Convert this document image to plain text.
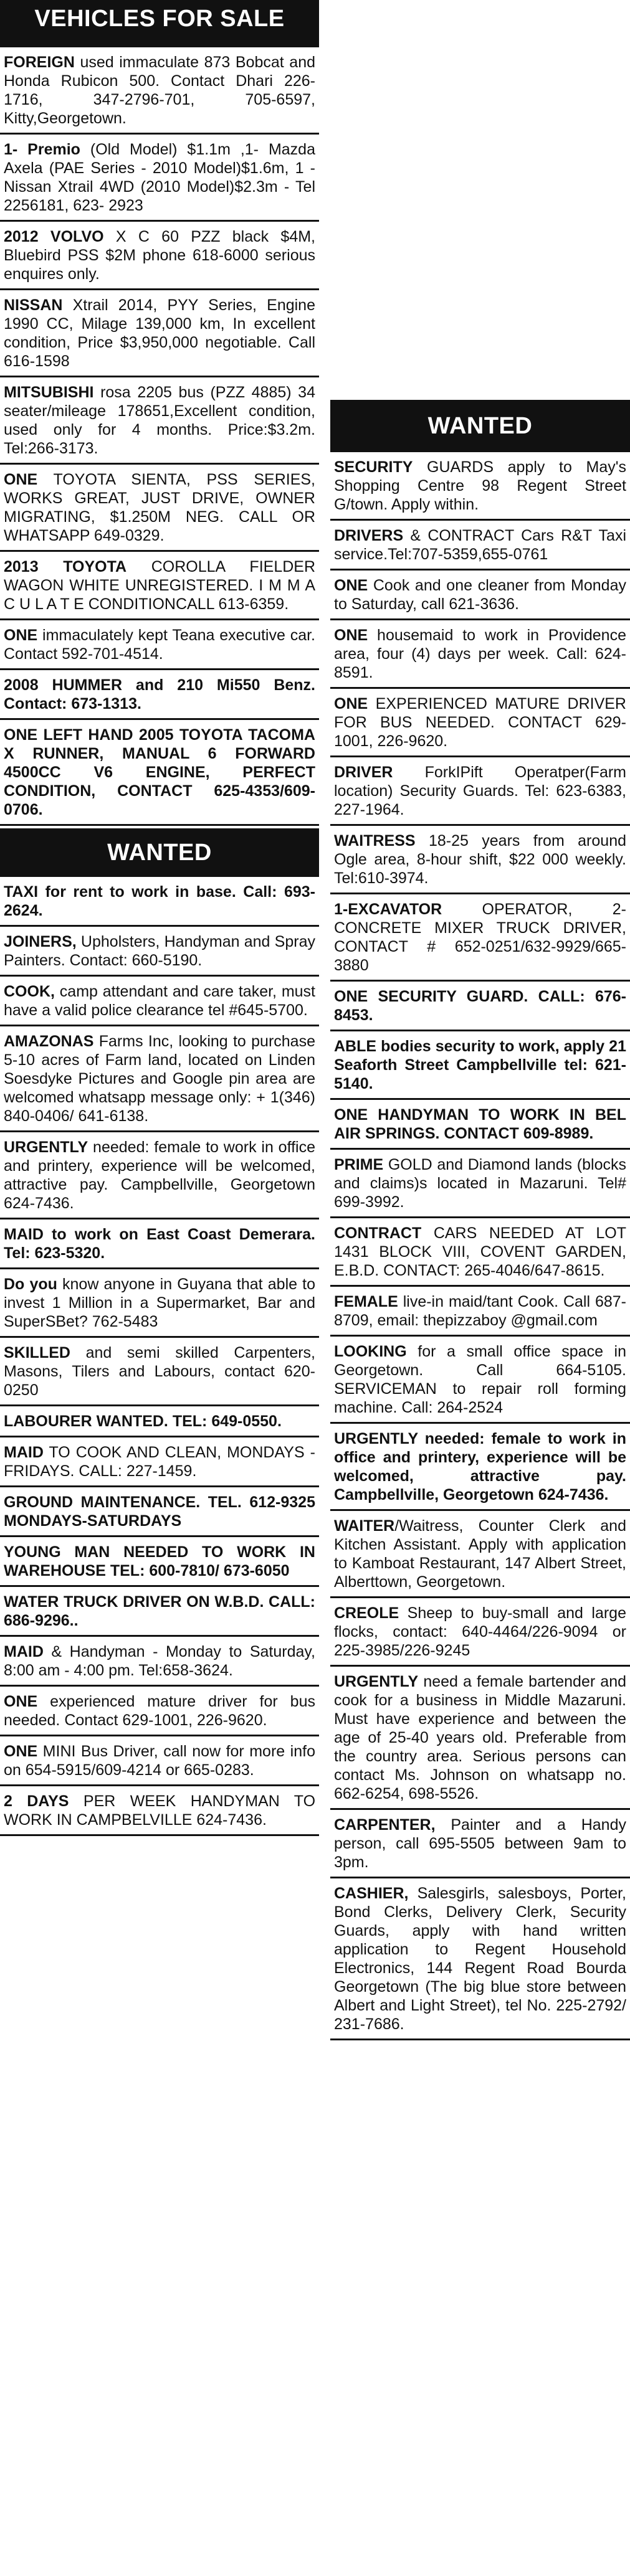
VEHICLES FOR SALE
FOREIGN used immaculate 873 Bobcat and Honda Rubicon 500. Contact Dhari 226-1716, 347-2796-701, 705-6597, Kitty,Georgetown.
1- Premio (Old Model) $1.1m ,1- Mazda Axela (PAE Series - 2010 Model)$1.6m, 1 - Nissan Xtrail 4WD (2010 Model)$2.3m - Tel 2256181, 623- 2923
2012 VOLVO X C 60 PZZ black $4M, Bluebird PSS $2M phone 618-6000 serious enquires only.
NISSAN Xtrail 2014, PYY Series, Engine 1990 CC, Milage 139,000 km, In excellent condition, Price $3,950,000 negotiable. Call 616-1598
MITSUBISHI rosa 2205 bus (PZZ 4885) 34 seater/mileage 178651,Excellent condition, used only for 4 months. Price:$3.2m. Tel:266-3173.
ONE TOYOTA SIENTA, PSS SERIES, WORKS GREAT, JUST DRIVE, OWNER MIGRATING, $1.250M NEG. CALL OR WHATSAPP 649-0329.
2013 TOYOTA COROLLA FIELDER WAGON WHITE UNREGISTERED. I M M A C U L A T E CONDITIONCALL 613-6359.
ONE immaculately kept Teana executive car. Contact 592-701-4514.
2008 HUMMER and 210 Mi550 Benz. Contact: 673-1313.
ONE LEFT HAND 2005 TOYOTA TACOMA X RUNNER, MANUAL 6 FORWARD 4500CC V6 ENGINE, PERFECT CONDITION, CONTACT 625-4353/609-0706.
WANTED
TAXI for rent to work in base. Call: 693-2624.
JOINERS, Upholsters, Handyman and Spray Painters. Contact: 660-5190.
COOK, camp attendant and care taker, must have a valid police clearance tel #645-5700.
AMAZONAS Farms Inc, looking to purchase 5-10 acres of Farm land, located on Linden Soesdyke Pictures and Google pin area are welcomed whatsapp message only: + 1(346) 840-0406/ 641-6138.
URGENTLY needed: female to work in office and printery, experience will be welcomed, attractive pay. Campbellville, Georgetown 624-7436.
MAID to work on East Coast Demerara. Tel: 623-5320.
Do you know anyone in Guyana that able to invest 1 Million in a Supermarket, Bar and SuperSBet? 762-5483
SKILLED and semi skilled Carpenters, Masons, Tilers and Labours, contact 620-0250
LABOURER WANTED. TEL: 649-0550.
MAID TO COOK AND CLEAN, MONDAYS - FRIDAYS. CALL: 227-1459.
GROUND MAINTENANCE. TEL. 612-9325 MONDAYS-SATURDAYS
YOUNG MAN NEEDED TO WORK IN WAREHOUSE TEL: 600-7810/ 673-6050
WATER TRUCK DRIVER ON W.B.D. CALL: 686-9296..
MAID & Handyman - Monday to Saturday, 8:00 am - 4:00 pm. Tel:658-3624.
ONE experienced mature driver for bus needed. Contact 629-1001, 226-9620.
ONE MINI Bus Driver, call now for more info on 654-5915/609-4214 or 665-0283.
2 DAYS PER WEEK HANDYMAN TO WORK IN CAMPBELVILLE 624-7436.
WANTED
SECURITY GUARDS apply to May's Shopping Centre 98 Regent Street G/town. Apply within.
DRIVERS & CONTRACT Cars R&T Taxi service.Tel:707-5359,655-0761
ONE Cook and one cleaner from Monday to Saturday, call 621-3636.
ONE housemaid to work in Providence area, four (4) days per week. Call: 624-8591.
ONE EXPERIENCED MATURE DRIVER FOR BUS NEEDED. CONTACT 629-1001, 226-9620.
DRIVER ForkIPift Operatper(Farm location) Security Guards. Tel: 623-6383, 227-1964.
WAITRESS 18-25 years from around Ogle area, 8-hour shift, $22 000 weekly. Tel:610-3974.
1-EXCAVATOR OPERATOR, 2- CONCRETE MIXER TRUCK DRIVER, CONTACT # 652-0251/632-9929/665-3880
ONE SECURITY GUARD. CALL: 676-8453.
ABLE bodies security to work, apply 21 Seaforth Street Campbellville tel: 621-5140.
ONE HANDYMAN TO WORK IN BEL AIR SPRINGS. CONTACT 609-8989.
PRIME GOLD and Diamond lands (blocks and claims)s located in Mazaruni. Tel# 699-3992.
CONTRACT CARS NEEDED AT LOT 1431 BLOCK VIII, COVENT GARDEN, E.B.D. CONTACT: 265-4046/647-8615.
FEMALE live-in maid/tant Cook. Call 687-8709, email: thepizzaboy @gmail.com
LOOKING for a small office space in Georgetown. Call 664-5105. SERVICEMAN to repair roll forming machine. Call: 264-2524
URGENTLY needed: female to work in office and printery, experience will be welcomed, attractive pay. Campbellville, Georgetown 624-7436.
WAITER/Waitress, Counter Clerk and Kitchen Assistant. Apply with application to Kamboat Restaurant, 147 Albert Street, Alberttown, Georgetown.
CREOLE Sheep to buy-small and large flocks, contact: 640-4464/226-9094 or 225-3985/226-9245
URGENTLY need a female bartender and cook for a business in Middle Mazaruni. Must have experience and between the age of 25-40 years old. Preferable from the country area. Serious persons can contact Ms. Johnson on whatsapp no. 662-6254, 698-5526.
CARPENTER, Painter and a Handy person, call 695-5505 between 9am to 3pm.
CASHIER, Salesgirls, salesboys, Porter, Bond Clerks, Delivery Clerk, Security Guards, apply with hand written application to Regent Household Electronics, 144 Regent Road Bourda Georgetown (The big blue store between Albert and Light Street), tel No. 225-2792/ 231-7686.
